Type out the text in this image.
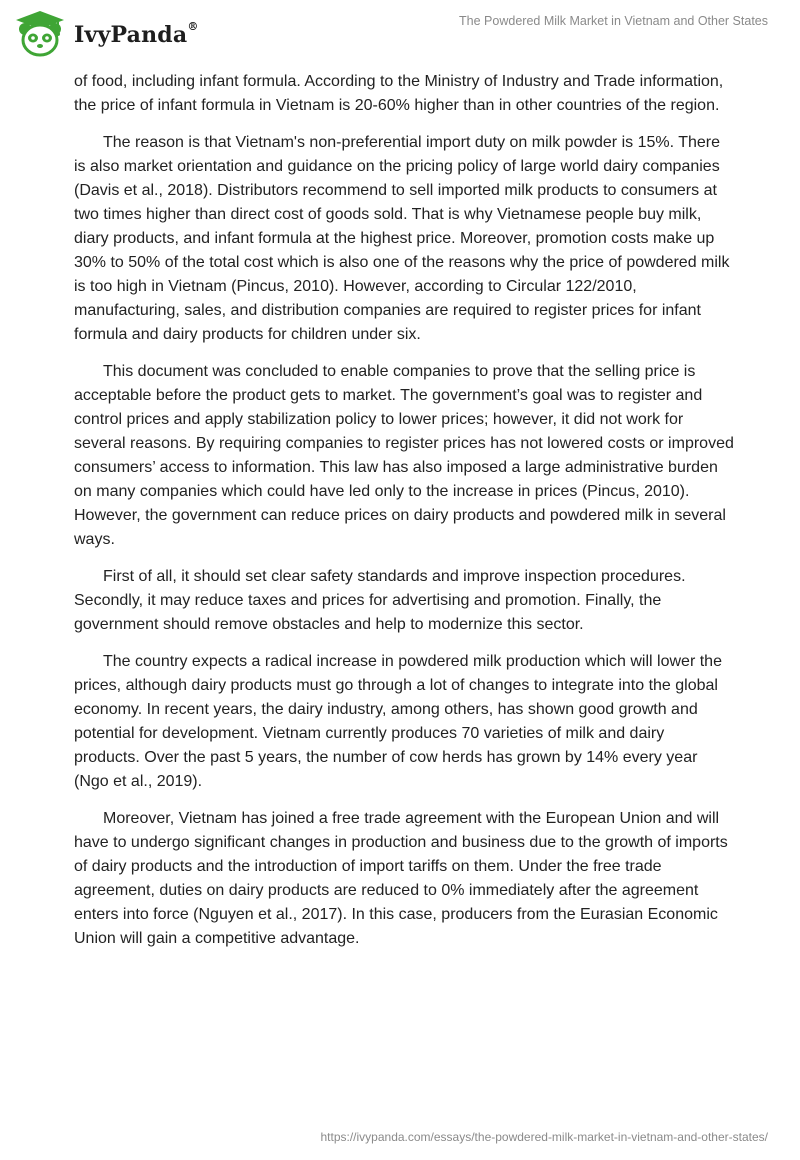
IvyPanda®	The Powdered Milk Market in Vietnam and Other States

of food, including infant formula. According to the Ministry of Industry and Trade information, the price of infant formula in Vietnam is 20-60% higher than in other countries of the region.

The reason is that Vietnam's non-preferential import duty on milk powder is 15%. There is also market orientation and guidance on the pricing policy of large world dairy companies (Davis et al., 2018). Distributors recommend to sell imported milk products to consumers at two times higher than direct cost of goods sold. That is why Vietnamese people buy milk, diary products, and infant formula at the highest price. Moreover, promotion costs make up 30% to 50% of the total cost which is also one of the reasons why the price of powdered milk is too high in Vietnam (Pincus, 2010). However, according to Circular 122/2010, manufacturing, sales, and distribution companies are required to register prices for infant formula and dairy products for children under six.

This document was concluded to enable companies to prove that the selling price is acceptable before the product gets to market. The government’s goal was to register and control prices and apply stabilization policy to lower prices; however, it did not work for several reasons. By requiring companies to register prices has not lowered costs or improved consumers’ access to information. This law has also imposed a large administrative burden on many companies which could have led only to the increase in prices (Pincus, 2010). However, the government can reduce prices on dairy products and powdered milk in several ways.

First of all, it should set clear safety standards and improve inspection procedures. Secondly, it may reduce taxes and prices for advertising and promotion. Finally, the government should remove obstacles and help to modernize this sector.

The country expects a radical increase in powdered milk production which will lower the prices, although dairy products must go through a lot of changes to integrate into the global economy. In recent years, the dairy industry, among others, has shown good growth and potential for development. Vietnam currently produces 70 varieties of milk and dairy products. Over the past 5 years, the number of cow herds has grown by 14% every year (Ngo et al., 2019).

Moreover, Vietnam has joined a free trade agreement with the European Union and will have to undergo significant changes in production and business due to the growth of imports of dairy products and the introduction of import tariffs on them. Under the free trade agreement, duties on dairy products are reduced to 0% immediately after the agreement enters into force (Nguyen et al., 2017). In this case, producers from the Eurasian Economic Union will gain a competitive advantage.

https://ivypanda.com/essays/the-powdered-milk-market-in-vietnam-and-other-states/
